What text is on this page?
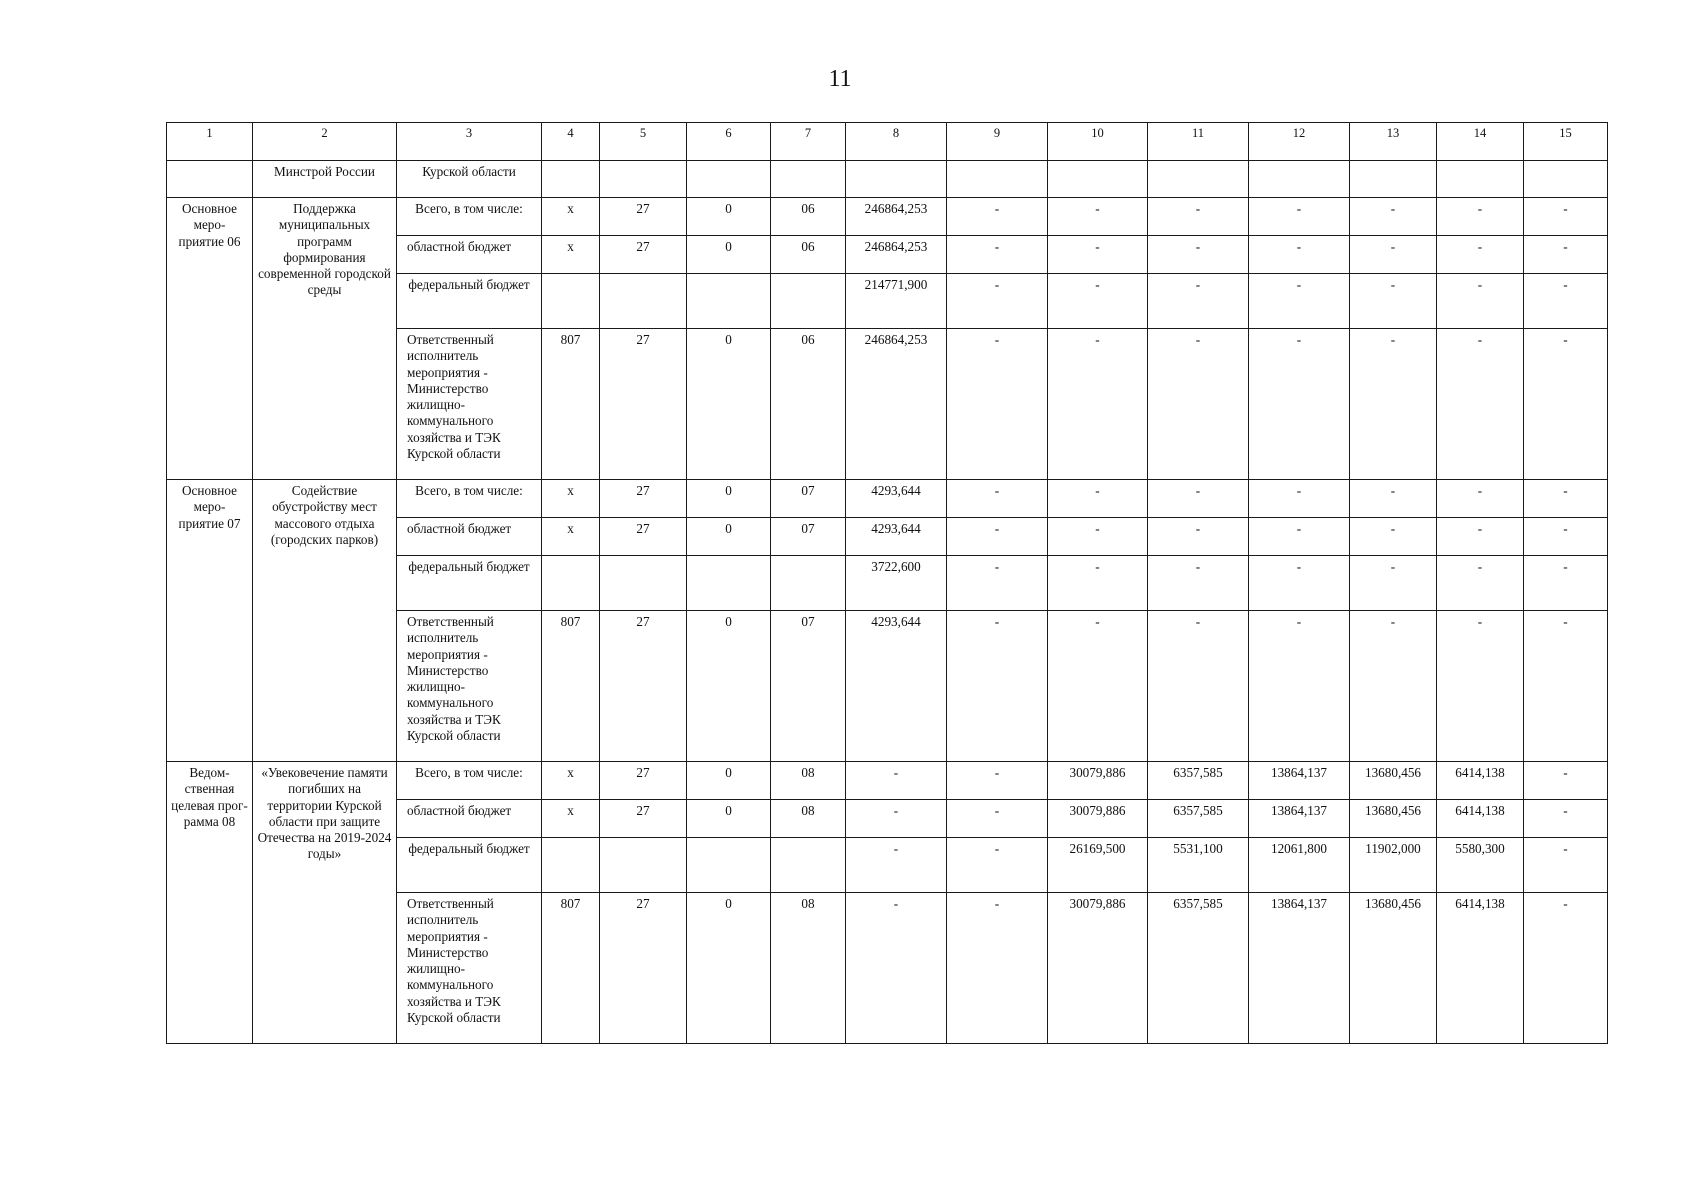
11
1	2	3	4	5	6	7	8	9	10	11	12	13	14	15
	Минстрой России	Курской области												
Основное меро-приятие 06	Поддержка муниципальных программ формирования современной городской среды	Всего, в том числе:	х	27	0	06	246864,253	-	-	-	-	-	-	-
		областной бюджет	х	27	0	06	246864,253	-	-	-	-	-	-	-
		федеральный бюджет					214771,900	-	-	-	-	-	-	-
		Ответственный исполнитель мероприятия - Министерство жилищно-коммунального хозяйства и ТЭК Курской области	807	27	0	06	246864,253	-	-	-	-	-	-	-
Основное меро-приятие 07	Содействие обустройству мест массового отдыха (городских парков)	Всего, в том числе:	х	27	0	07	4293,644	-	-	-	-	-	-	-
		областной бюджет	х	27	0	07	4293,644	-	-	-	-	-	-	-
		федеральный бюджет					3722,600	-	-	-	-	-	-	-
		Ответственный исполнитель мероприятия - Министерство жилищно-коммунального хозяйства и ТЭК Курской области	807	27	0	07	4293,644	-	-	-	-	-	-	-
Ведом-ственная целевая прог-рамма 08	«Увековечение памяти погибших на территории Курской области при защите Отечества на 2019-2024 годы»	Всего, в том числе:	х	27	0	08	-	-	30079,886	6357,585	13864,137	13680,456	6414,138	-
		областной бюджет	х	27	0	08	-	-	30079,886	6357,585	13864,137	13680,456	6414,138	-
		федеральный бюджет					-	-	26169,500	5531,100	12061,800	11902,000	5580,300	-
		Ответственный исполнитель мероприятия - Министерство жилищно-коммунального хозяйства и ТЭК Курской области	807	27	0	08	-	-	30079,886	6357,585	13864,137	13680,456	6414,138	-
